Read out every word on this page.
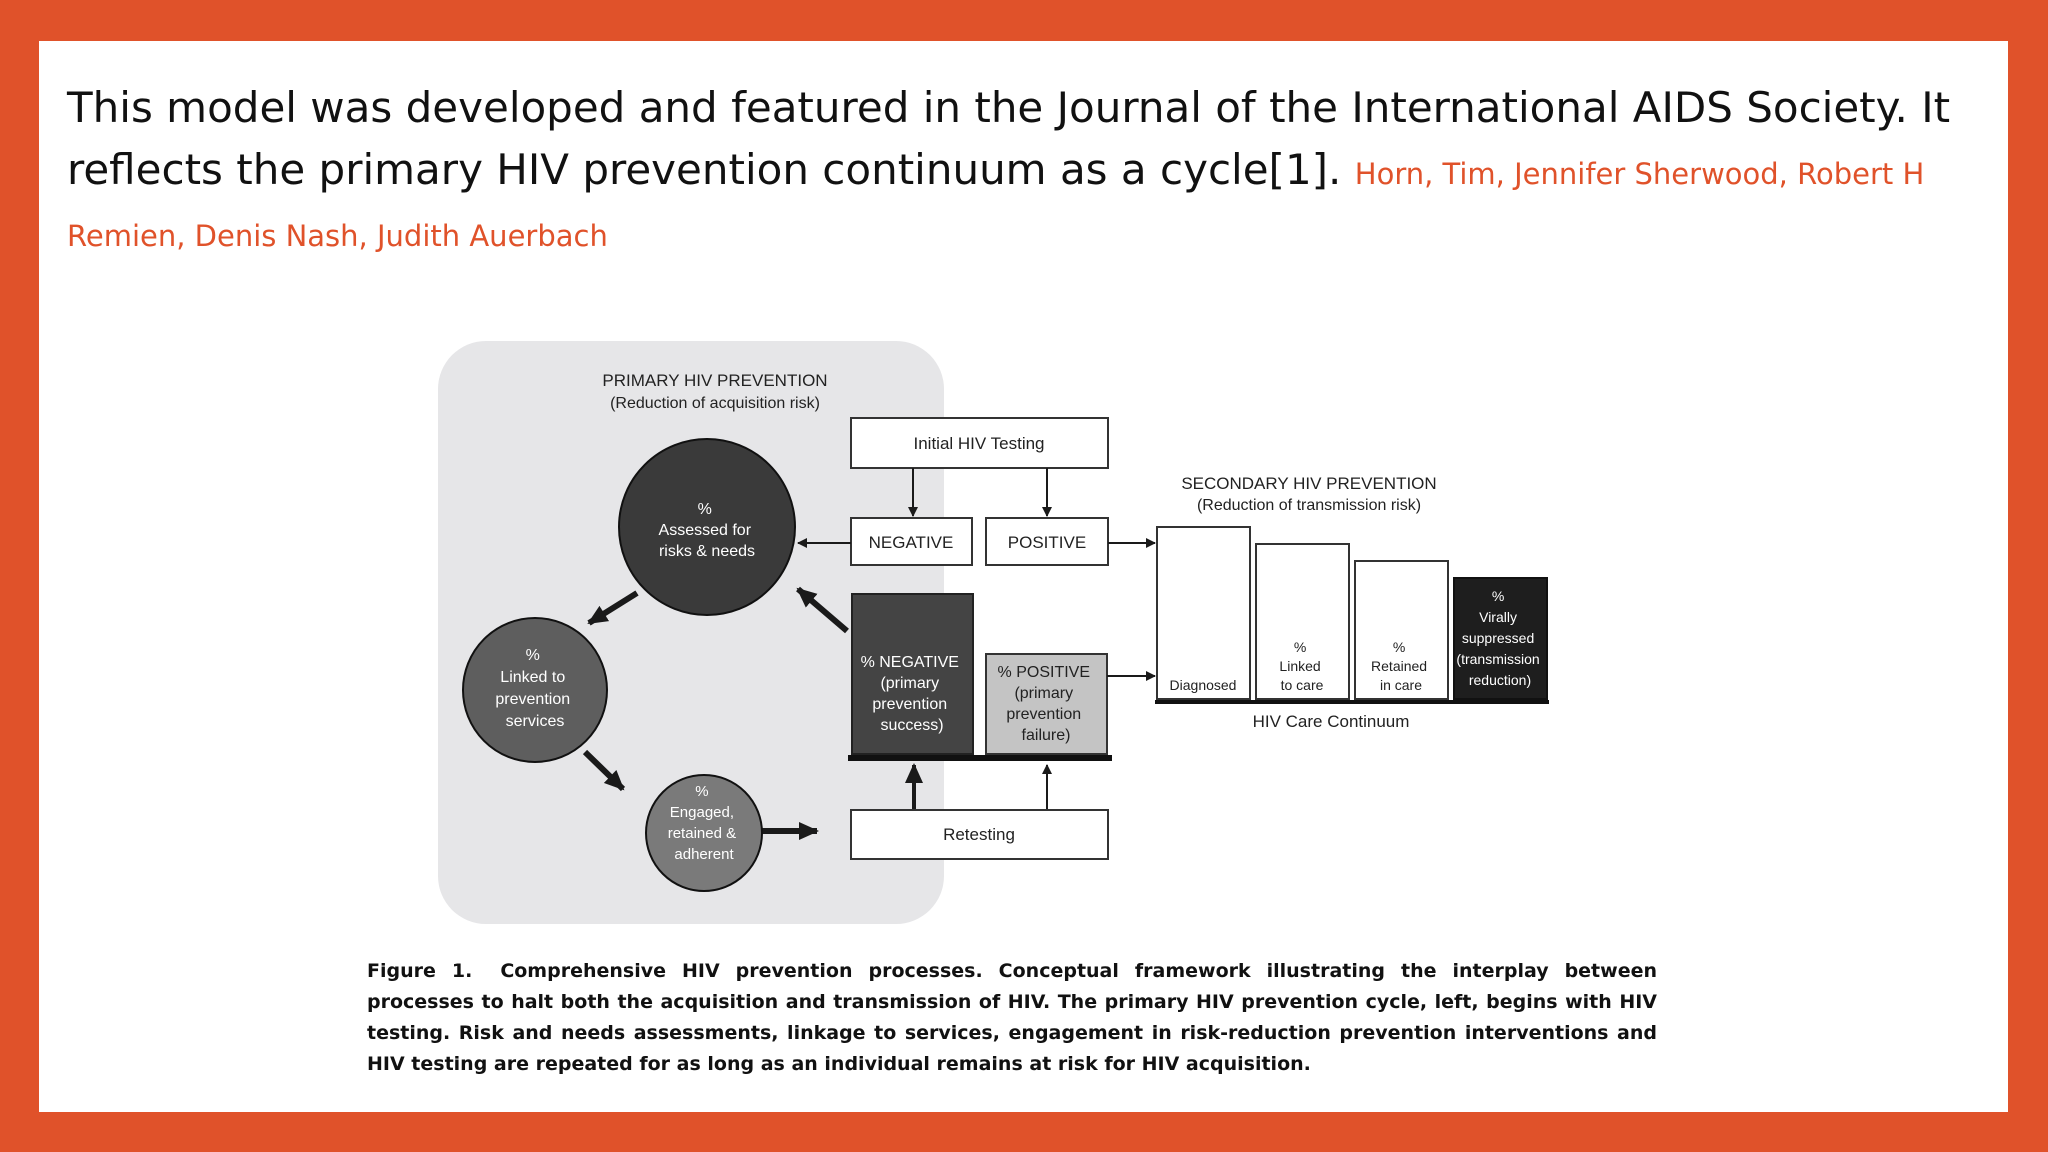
This model was developed and featured in the Journal of the International AIDS Society. It reflects the primary HIV prevention continuum as a cycle[1]. Horn, Tim, Jennifer Sherwood, Robert H Remien, Denis Nash, Judith Auerbach

PRIMARY HIV PREVENTION
(Reduction of acquisition risk)
% Assessed for risks & needs
% Linked to prevention services
% Engaged, retained & adherent
Initial HIV Testing
NEGATIVE	POSITIVE
% NEGATIVE (primary prevention success)
% POSITIVE (primary prevention failure)
Retesting
SECONDARY HIV PREVENTION
(Reduction of transmission risk)
Diagnosed
% Linked to care
% Retained in care
% Virally suppressed (transmission reduction)
HIV Care Continuum

Figure 1. Comprehensive HIV prevention processes. Conceptual framework illustrating the interplay between processes to halt both the acquisition and transmission of HIV. The primary HIV prevention cycle, left, begins with HIV testing. Risk and needs assessments, linkage to services, engagement in risk-reduction prevention interventions and HIV testing are repeated for as long as an individual remains at risk for HIV acquisition.
